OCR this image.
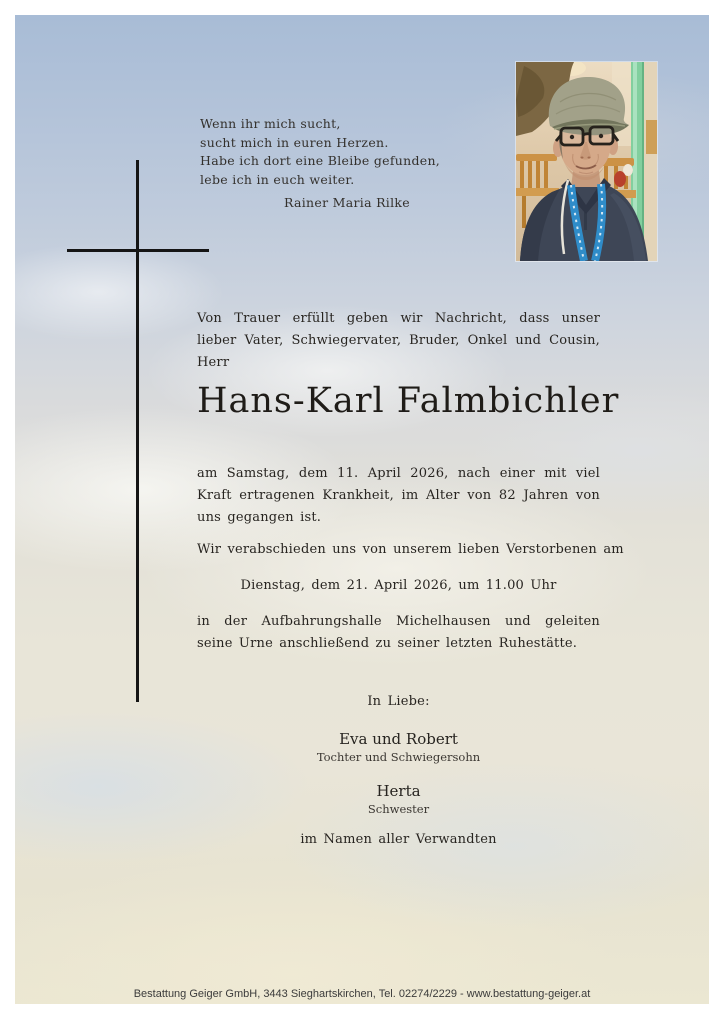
Wenn ihr mich sucht,
sucht mich in euren Herzen.
Habe ich dort eine Bleibe gefunden,
lebe ich in euch weiter.
Rainer Maria Rilke

Von Trauer erfüllt geben wir Nachricht, dass unser lieber Vater, Schwiegervater, Bruder, Onkel und Cousin, Herr

Hans-Karl Falmbichler

am Samstag, dem 11. April 2026, nach einer mit viel Kraft ertragenen Krankheit, im Alter von 82 Jahren von uns gegangen ist.

Wir verabschieden uns von unserem lieben Verstorbenen am

Dienstag, dem 21. April 2026, um 11.00 Uhr

in der Aufbahrungshalle Michelhausen und geleiten seine Urne anschließend zu seiner letzten Ruhestätte.

In Liebe:

Eva und Robert
Tochter und Schwiegersohn
Herta
Schwester

im Namen aller Verwandten

Bestattung Geiger GmbH, 3443 Sieghartskirchen, Tel. 02274/2229 - www.bestattung-geiger.at
